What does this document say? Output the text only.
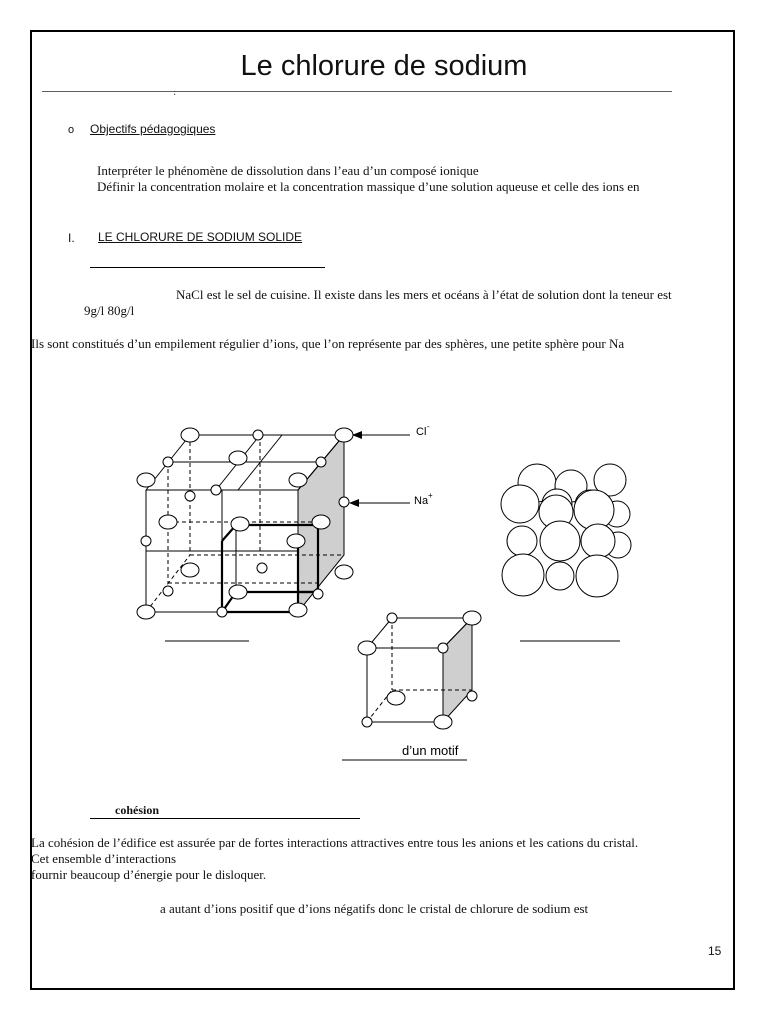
Le chlorure de sodium
·
o Objectifs pédagogiques
Interpréter le phénomène de dissolution dans l’eau d’un composé ionique
Définir la concentration molaire et la concentration massique d’une solution aqueuse et celle des ions en
I. LE CHLORURE DE SODIUM SOLIDE
NaCl est le sel de cuisine. Il existe dans les mers et océans à l’état de solution dont la teneur est
9g/l 80g/l
Ils sont constitués d’un empilement régulier d’ions, que l’on représente par des sphères, une petite sphère pour Na
Cl -
Na +
d’un motif
cohésion
La cohésion de l’édifice est assurée par de fortes interactions attractives entre tous les anions et les cations du cristal.
Cet ensemble d’interactions
fournir beaucoup d’énergie pour le disloquer.
a autant d’ions positif que d’ions négatifs donc le cristal de chlorure de sodium est
15
